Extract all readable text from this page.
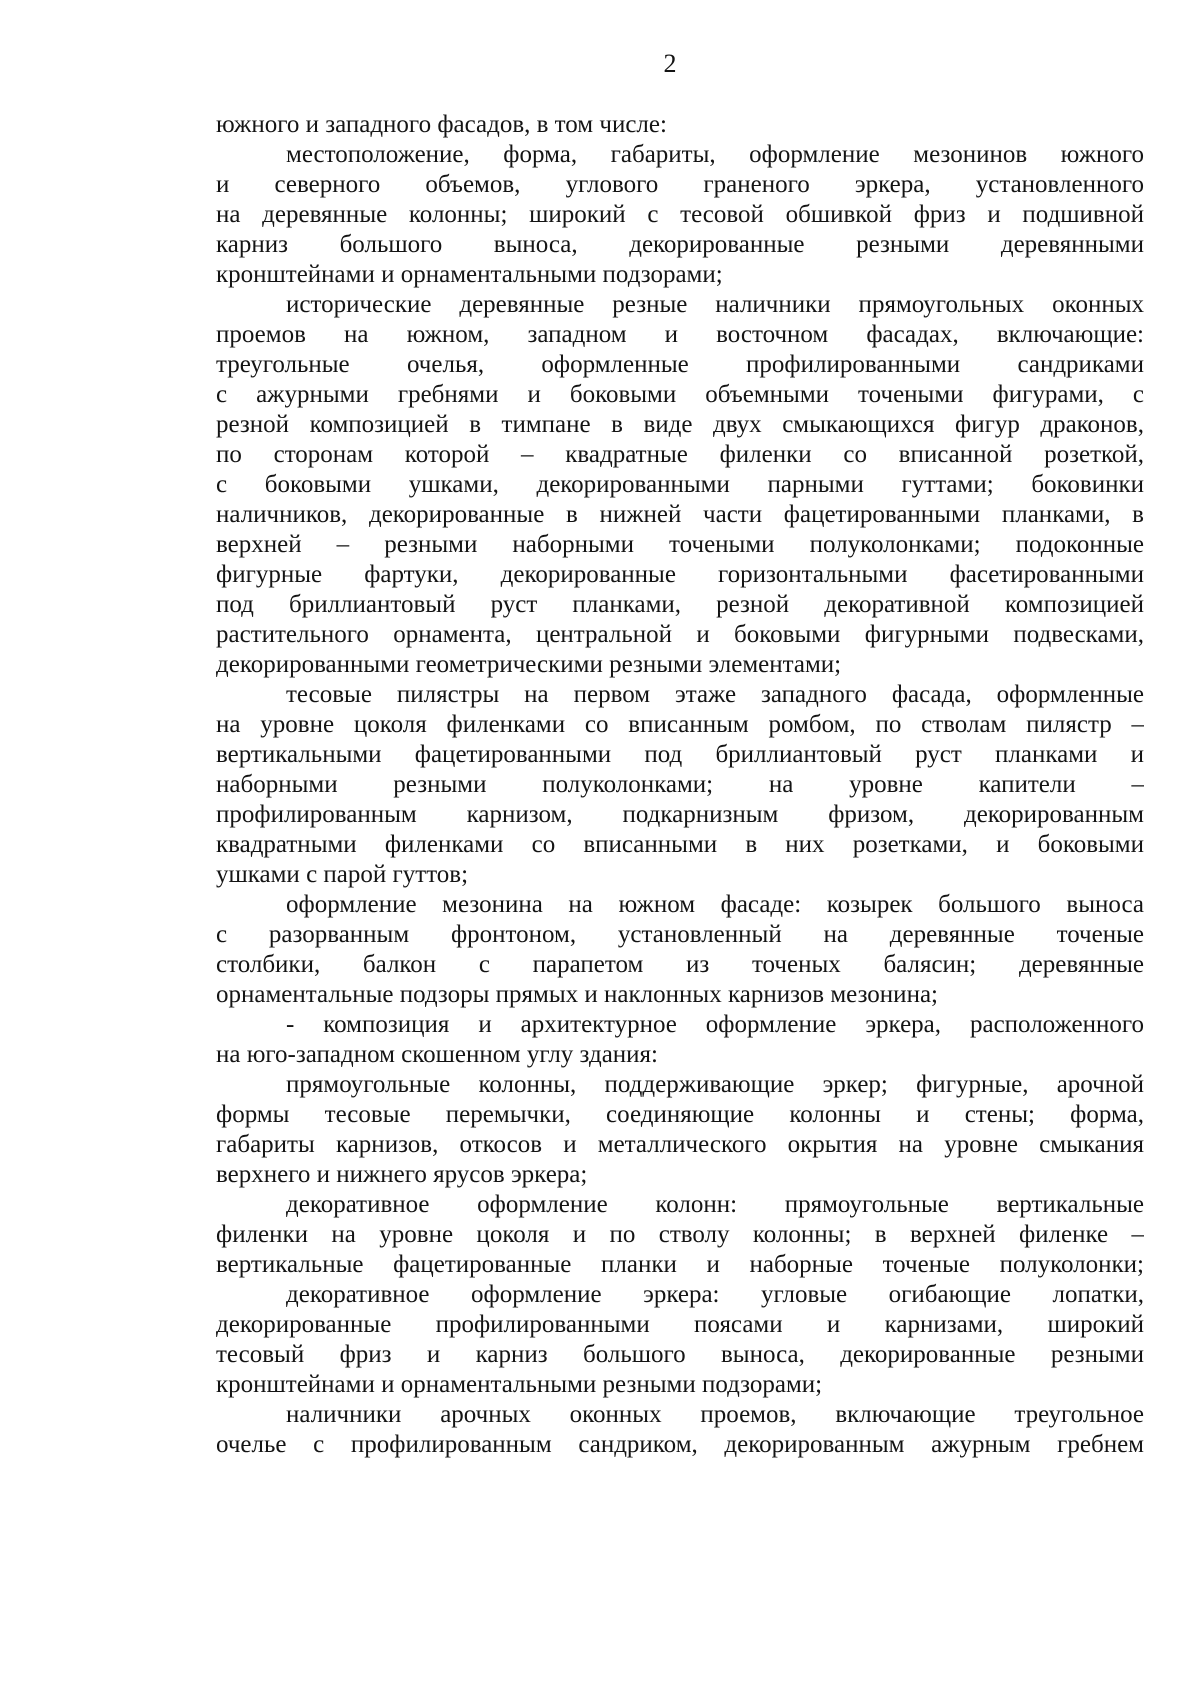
2
южного и западного фасадов, в том числе:
местоположение, форма, габариты, оформление мезонинов южного
и северного объемов, углового граненого эркера, установленного
на деревянные колонны; широкий с тесовой обшивкой фриз и подшивной
карниз большого выноса, декорированные резными деревянными
кронштейнами и орнаментальными подзорами;
исторические деревянные резные наличники прямоугольных оконных
проемов на южном, западном и восточном фасадах, включающие:
треугольные очелья, оформленные профилированными сандриками
с ажурными гребнями и боковыми объемными точеными фигурами, с
резной композицией в тимпане в виде двух смыкающихся фигур драконов,
по сторонам которой – квадратные филенки со вписанной розеткой,
с боковыми ушками, декорированными парными гуттами; боковинки
наличников, декорированные в нижней части фацетированными планками, в
верхней – резными наборными точеными полуколонками; подоконные
фигурные фартуки, декорированные горизонтальными фасетированными
под бриллиантовый руст планками, резной декоративной композицией
растительного орнамента, центральной и боковыми фигурными подвесками,
декорированными геометрическими резными элементами;
тесовые пилястры на первом этаже западного фасада, оформленные
на уровне цоколя филенками со вписанным ромбом, по стволам пилястр –
вертикальными фацетированными под бриллиантовый руст планками и
наборными резными полуколонками; на уровне капители –
профилированным карнизом, подкарнизным фризом, декорированным
квадратными филенками со вписанными в них розетками, и боковыми
ушками с парой гуттов;
оформление мезонина на южном фасаде: козырек большого выноса
с разорванным фронтоном, установленный на деревянные точеные
столбики, балкон с парапетом из точеных балясин; деревянные
орнаментальные подзоры прямых и наклонных карнизов мезонина;
- композиция и архитектурное оформление эркера, расположенного
на юго-западном скошенном углу здания:
прямоугольные колонны, поддерживающие эркер; фигурные, арочной
формы тесовые перемычки, соединяющие колонны и стены; форма,
габариты карнизов, откосов и металлического окрытия на уровне смыкания
верхнего и нижнего ярусов эркера;
декоративное оформление колонн: прямоугольные вертикальные
филенки на уровне цоколя и по стволу колонны; в верхней филенке –
вертикальные фацетированные планки и наборные точеные полуколонки;
декоративное оформление эркера: угловые огибающие лопатки,
декорированные профилированными поясами и карнизами, широкий
тесовый фриз и карниз большого выноса, декорированные резными
кронштейнами и орнаментальными резными подзорами;
наличники арочных оконных проемов, включающие треугольное
очелье с профилированным сандриком, декорированным ажурным гребнем
